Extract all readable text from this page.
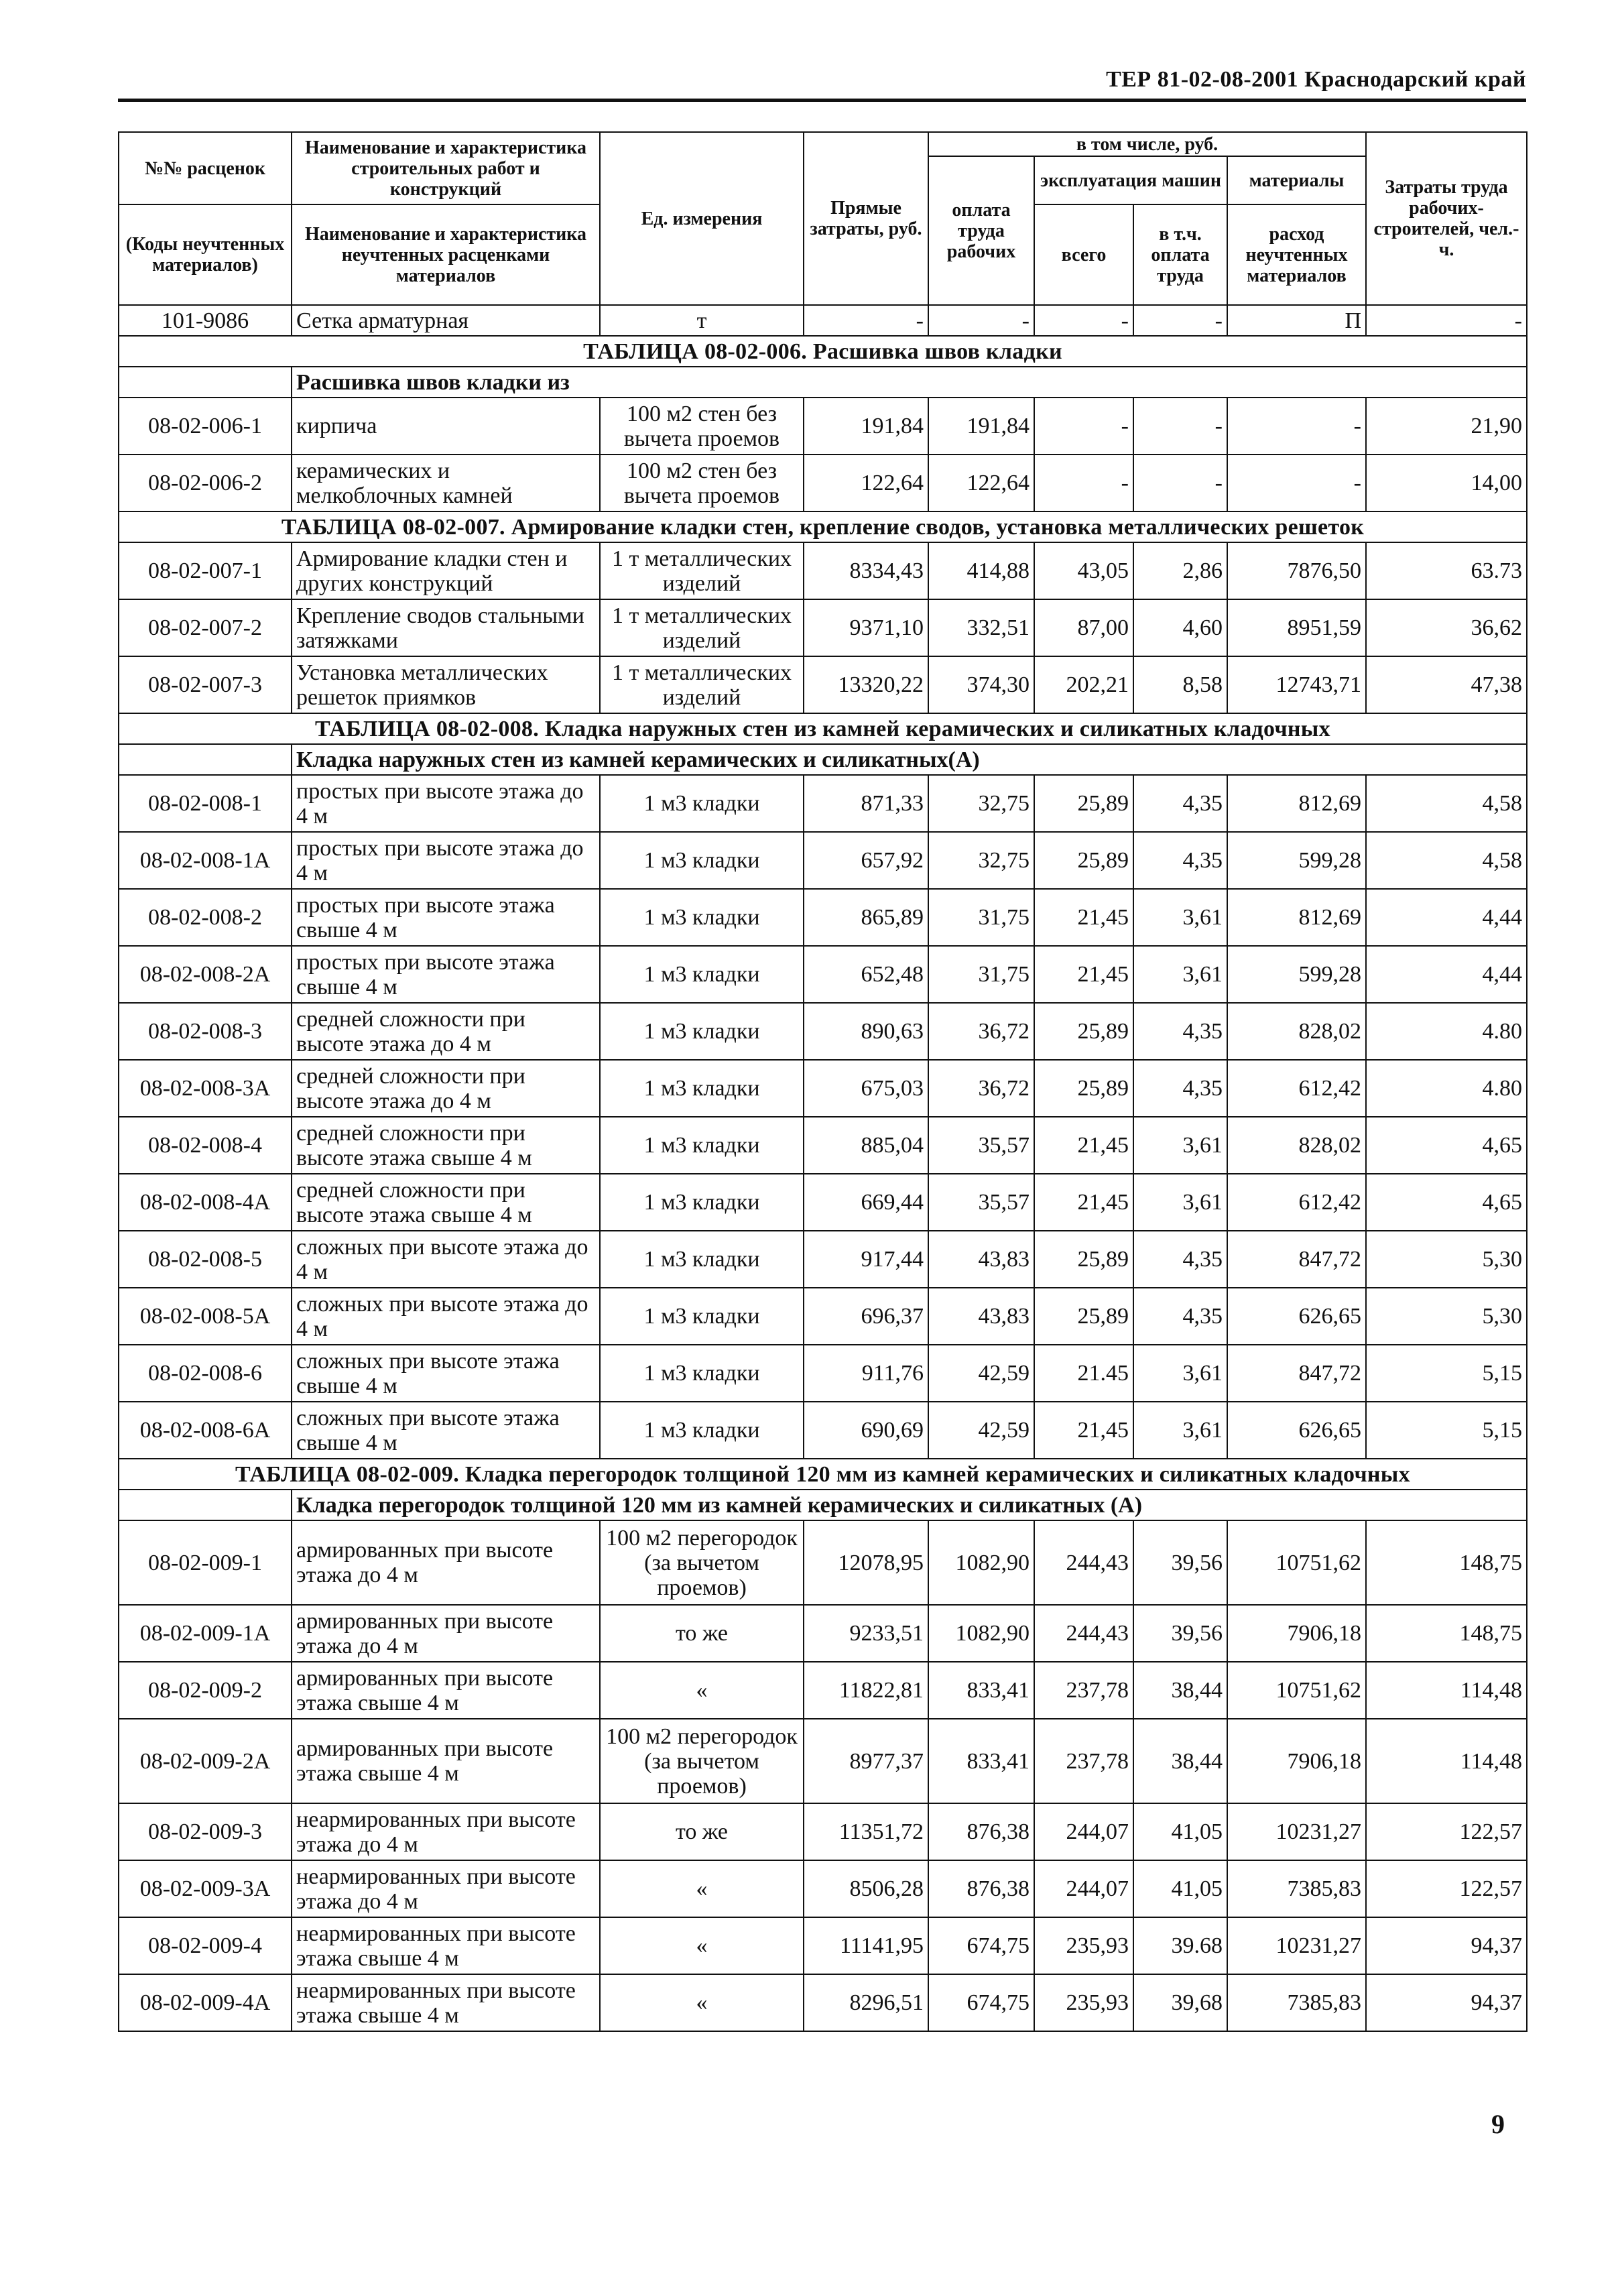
ТЕР 81-02-08-2001 Краснодарский край
№№ расценок	Наименование и характеристика строительных работ и конструкций	Ед. измерения	Прямые затраты, руб.	в том числе, руб.				Затраты труда рабочих-строителей, чел.-ч.
				оплата труда рабочих	эксплуатация машин		материалы	

(Коды неучтенных материалов)	Наименование и характеристика неучтенных расценками материалов				всего	в т.ч. оплата труда	расход неучтенных материалов	

101-9086	Сетка арматурная	т	-	-	-	-	П	-
ТАБЛИЦА 08-02-006. Расшивка швов кладки								
	Расшивка швов кладки из							
08-02-006-1	кирпича	100 м2 стен без вычета проемов	191,84	191,84	-	-	-	21,90
08-02-006-2	керамических и мелкоблочных камней	100 м2 стен без вычета проемов	122,64	122,64	-	-	-	14,00
ТАБЛИЦА 08-02-007. Армирование кладки стен, крепление сводов, установка металлических решеток								
08-02-007-1	Армирование кладки стен и других конструкций	1 т металлических изделий	8334,43	414,88	43,05	2,86	7876,50	63.73
08-02-007-2	Крепление сводов стальными затяжками	1 т металлических изделий	9371,10	332,51	87,00	4,60	8951,59	36,62
08-02-007-3	Установка металлических решеток приямков	1 т металлических изделий	13320,22	374,30	202,21	8,58	12743,71	47,38
ТАБЛИЦА 08-02-008. Кладка наружных стен из камней керамических и силикатных кладочных								
	Кладка наружных стен из камней керамических и силикатных(А)							
08-02-008-1	простых при высоте этажа до 4 м	1 м3 кладки	871,33	32,75	25,89	4,35	812,69	4,58
08-02-008-1А	простых при высоте этажа до 4 м	1 м3 кладки	657,92	32,75	25,89	4,35	599,28	4,58
08-02-008-2	простых при высоте этажа свыше 4 м	1 м3 кладки	865,89	31,75	21,45	3,61	812,69	4,44
08-02-008-2А	простых при высоте этажа свыше 4 м	1 м3 кладки	652,48	31,75	21,45	3,61	599,28	4,44
08-02-008-3	средней сложности при высоте этажа до 4 м	1 м3 кладки	890,63	36,72	25,89	4,35	828,02	4.80
08-02-008-3А	средней сложности при высоте этажа до 4 м	1 м3 кладки	675,03	36,72	25,89	4,35	612,42	4.80
08-02-008-4	средней сложности при высоте этажа свыше 4 м	1 м3 кладки	885,04	35,57	21,45	3,61	828,02	4,65
08-02-008-4А	средней сложности при высоте этажа свыше 4 м	1 м3 кладки	669,44	35,57	21,45	3,61	612,42	4,65
08-02-008-5	сложных при высоте этажа до 4 м	1 м3 кладки	917,44	43,83	25,89	4,35	847,72	5,30
08-02-008-5А	сложных при высоте этажа до 4 м	1 м3 кладки	696,37	43,83	25,89	4,35	626,65	5,30
08-02-008-6	сложных при высоте этажа свыше 4 м	1 м3 кладки	911,76	42,59	21.45	3,61	847,72	5,15
08-02-008-6А	сложных при высоте этажа свыше 4 м	1 м3 кладки	690,69	42,59	21,45	3,61	626,65	5,15
ТАБЛИЦА 08-02-009. Кладка перегородок толщиной 120 мм из камней керамических и силикатных кладочных								
	Кладка перегородок толщиной 120 мм из камней керамических и силикатных (А)							
08-02-009-1	армированных при высоте этажа до 4 м	100 м2 перегородок (за вычетом проемов)	12078,95	1082,90	244,43	39,56	10751,62	148,75
08-02-009-1А	армированных при высоте этажа до 4 м	то же	9233,51	1082,90	244,43	39,56	7906,18	148,75
08-02-009-2	армированных при высоте этажа свыше 4 м	«	11822,81	833,41	237,78	38,44	10751,62	114,48
08-02-009-2А	армированных при высоте этажа свыше 4 м	100 м2 перегородок (за вычетом проемов)	8977,37	833,41	237,78	38,44	7906,18	114,48
08-02-009-3	неармированных при высоте этажа до 4 м	то же	11351,72	876,38	244,07	41,05	10231,27	122,57
08-02-009-3А	неармированных при высоте этажа до 4 м	«	8506,28	876,38	244,07	41,05	7385,83	122,57
08-02-009-4	неармированных при высоте этажа свыше 4 м	«	11141,95	674,75	235,93	39.68	10231,27	94,37
08-02-009-4А	неармированных при высоте этажа свыше 4 м	«	8296,51	674,75	235,93	39,68	7385,83	94,37
9
